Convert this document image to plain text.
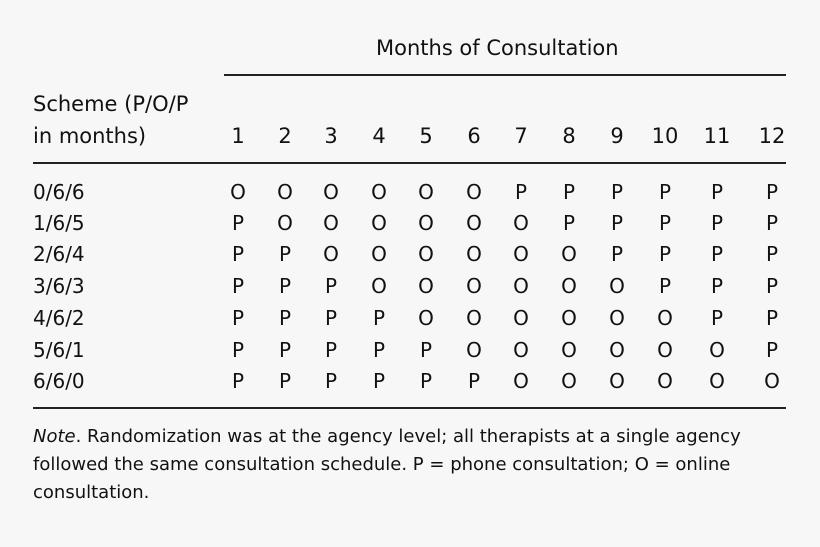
Months of Consultation
Scheme (P/O/P
in months)	1	2	3	4	5	6	7	8	9	10	11	12
0/6/6	O	O	O	O	O	O	P	P	P	P	P	P
1/6/5	P	O	O	O	O	O	O	P	P	P	P	P
2/6/4	P	P	O	O	O	O	O	O	P	P	P	P
3/6/3	P	P	P	O	O	O	O	O	O	P	P	P
4/6/2	P	P	P	P	O	O	O	O	O	O	P	P
5/6/1	P	P	P	P	P	O	O	O	O	O	O	P
6/6/0	P	P	P	P	P	P	O	O	O	O	O	O
Note. Randomization was at the agency level; all therapists at a single agency followed the same consultation schedule. P = phone consultation; O = online consultation.
